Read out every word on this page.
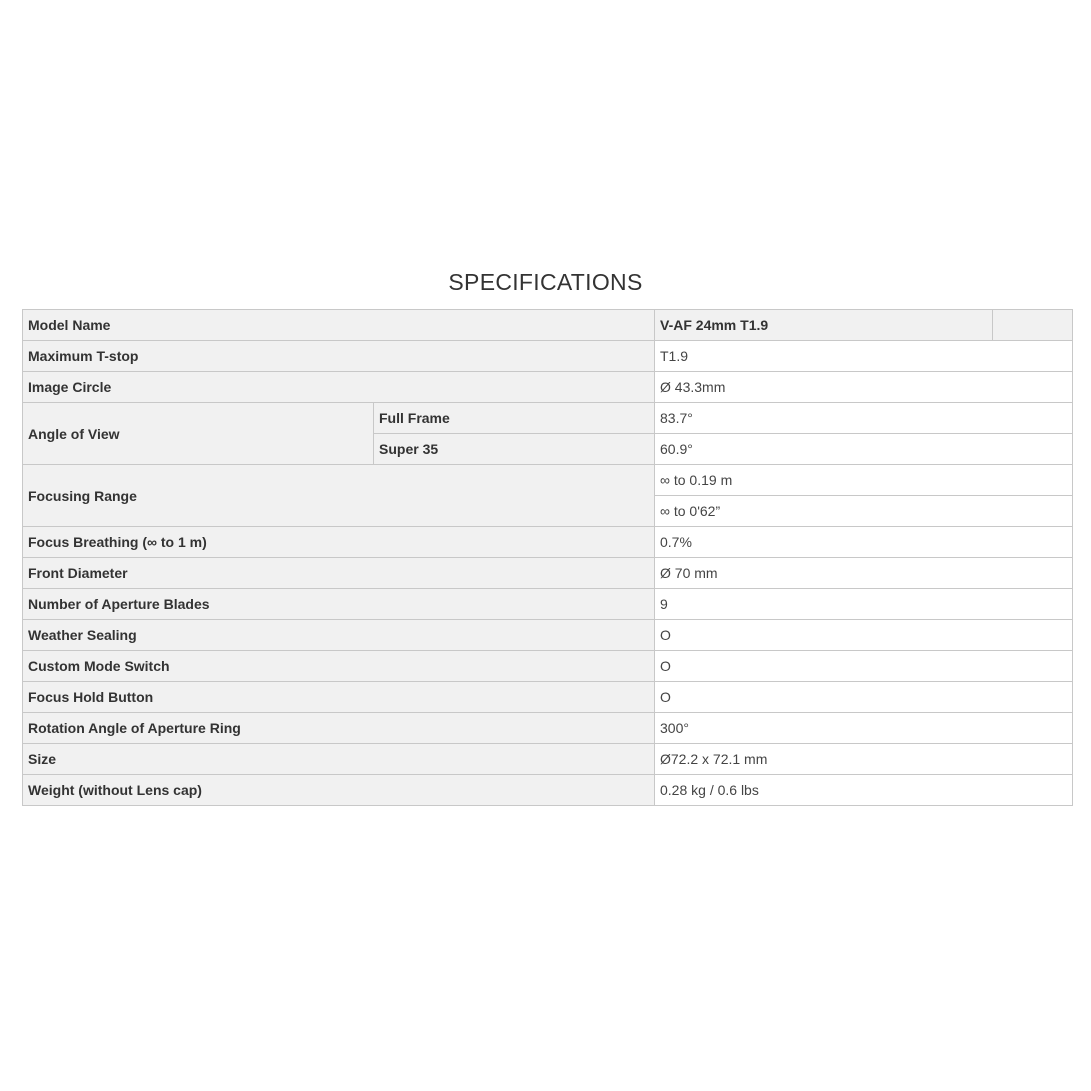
SPECIFICATIONS
Model Name		V-AF 24mm T1.9	
Maximum T-stop		T1.9	
Image Circle		Ø 43.3mm	
Angle of View	Full Frame	83.7°	
	Super 35	60.9°	
Focusing Range		∞ to 0.19 m	
		∞ to 0'62”	
Focus Breathing (∞ to 1 m)		0.7%	
Front Diameter		Ø 70 mm	
Number of Aperture Blades		9	
Weather Sealing		O	
Custom Mode Switch		O	
Focus Hold Button		O	
Rotation Angle of Aperture Ring		300°	
Size		Ø72.2 x 72.1 mm	
Weight (without Lens cap)		0.28 kg / 0.6 lbs	
